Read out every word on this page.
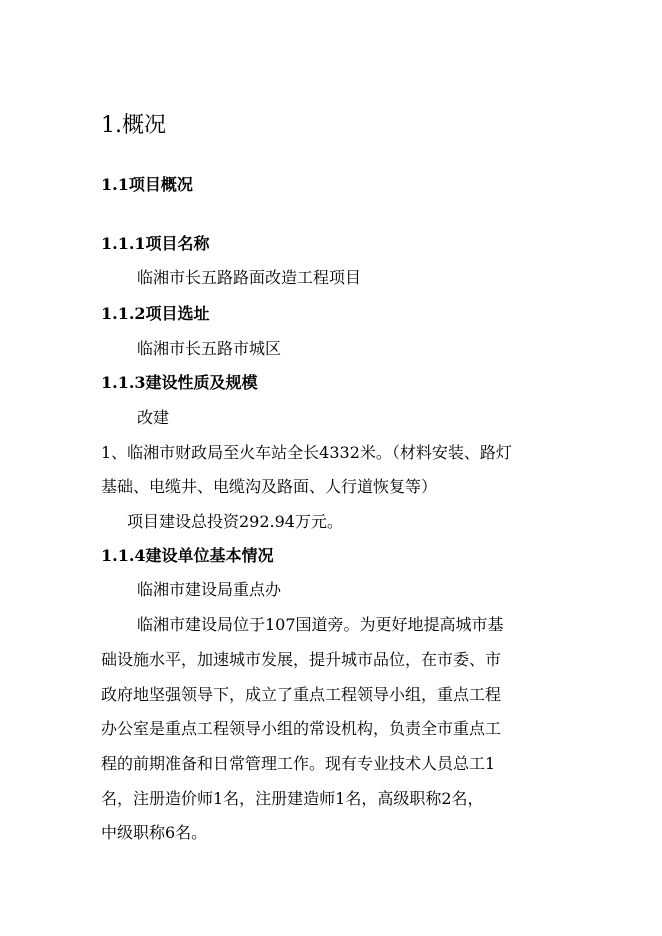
1.概况
1.1项目概况
1.1.1项目名称

临湘市长五路路面改造工程项目

1.1.2项目选址

临湘市长五路市城区

1.1.3建设性质及规模

改建

1、临湘市财政局至火车站全长4332米。（材料安装、路灯

基础、电缆井、电缆沟及路面、人行道恢复等）

项目建设总投资292.94万元。

1.1.4建设单位基本情况

临湘市建设局重点办

临湘市建设局位于107国道旁。为更好地提高城市基

础设施水平，加速城市发展，提升城市品位，在市委、市

政府地坚强领导下，成立了重点工程领导小组，重点工程

办公室是重点工程领导小组的常设机构，负责全市重点工

程的前期准备和日常管理工作。现有专业技术人员总工1

名，注册造价师1名，注册建造师1名，高级职称2名，

中级职称6名。
